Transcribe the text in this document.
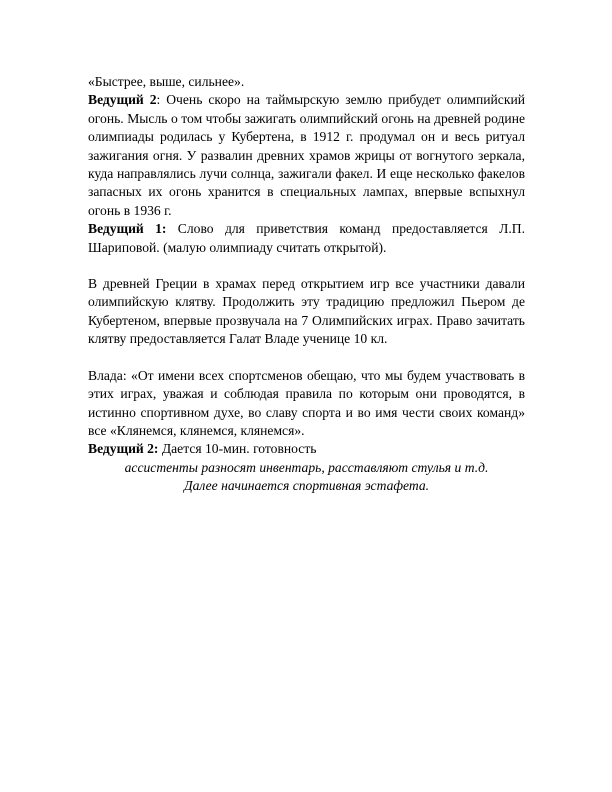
«Быстрее, выше, сильнее».

Ведущий 2: Очень скоро на таймырскую землю прибудет олимпийский огонь. Мысль о том чтобы зажигать олимпийский огонь на древней родине олимпиады родилась у Кубертена, в 1912 г. продумал он и весь ритуал зажигания огня. У развалин древних храмов жрицы от вогнутого зеркала, куда направлялись лучи солнца, зажигали факел. И еще несколько факелов запасных их огонь хранится в специальных лампах, впервые вспыхнул огонь в 1936 г.

Ведущий 1: Слово для приветствия команд предоставляется Л.П. Шариповой. (малую олимпиаду считать открытой).

В древней Греции в храмах перед открытием игр все участники давали олимпийскую клятву. Продолжить эту традицию предложил Пьером де Кубертеном, впервые прозвучала на 7 Олимпийских играх. Право зачитать клятву предоставляется Галат Владе ученице 10 кл.

Влада: «От имени всех спортсменов обещаю, что мы будем участвовать в этих играх, уважая и соблюдая правила по которым они проводятся, в истинно спортивном духе, во славу спорта и во имя чести своих команд» все «Клянемся, клянемся, клянемся».

Ведущий 2: Дается 10-мин. готовность

ассистенты разносят инвентарь, расставляют стулья и т.д.

Далее начинается спортивная эстафета.
